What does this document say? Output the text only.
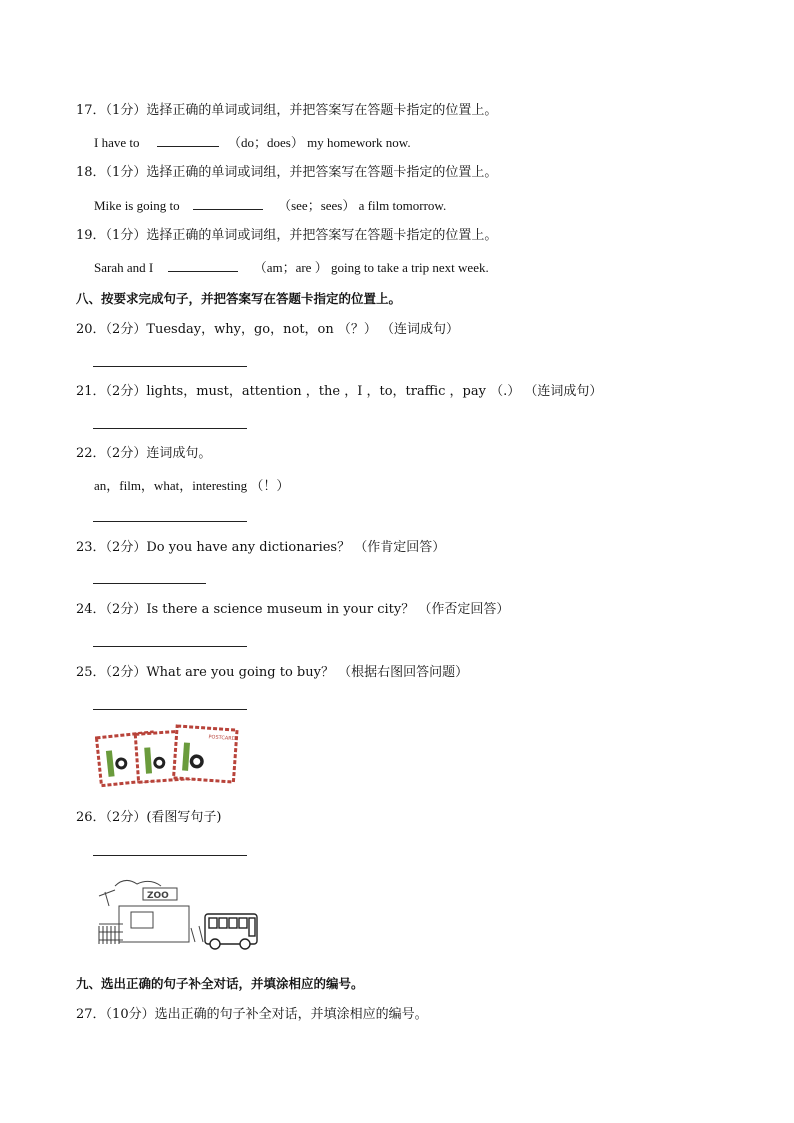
17．（1分）选择正确的单词或词组，并把答案写在答题卡指定的位置上。
I have to	（do；does） my homework now.
18．（1分）选择正确的单词或词组，并把答案写在答题卡指定的位置上。
Mike is going to	（see；sees） a film tomorrow.
19．（1分）选择正确的单词或词组，并把答案写在答题卡指定的位置上。
Sarah and I	（am；are ） going to take a trip next week.
八、按要求完成句子，并把答案写在答题卡指定的位置上。
20．（2分）Tuesday，why，go，not，on （？） （连词成句）
21．（2分）lights，must，attention ，the ，I ，to，traffic ，pay （.） （连词成句）
22．（2分）连词成句。
an，film，what，interesting （！）
23．（2分）Do you have any dictionaries？ （作肯定回答）
24．（2分）Is there a science museum in your city？ （作否定回答）
25．（2分）What are you going to buy？ （根据右图回答问题）
POSTCARD
26．（2分）(看图写句子)
ZOO
九、选出正确的句子补全对话，并填涂相应的编号。
27．（10分）选出正确的句子补全对话，并填涂相应的编号。
